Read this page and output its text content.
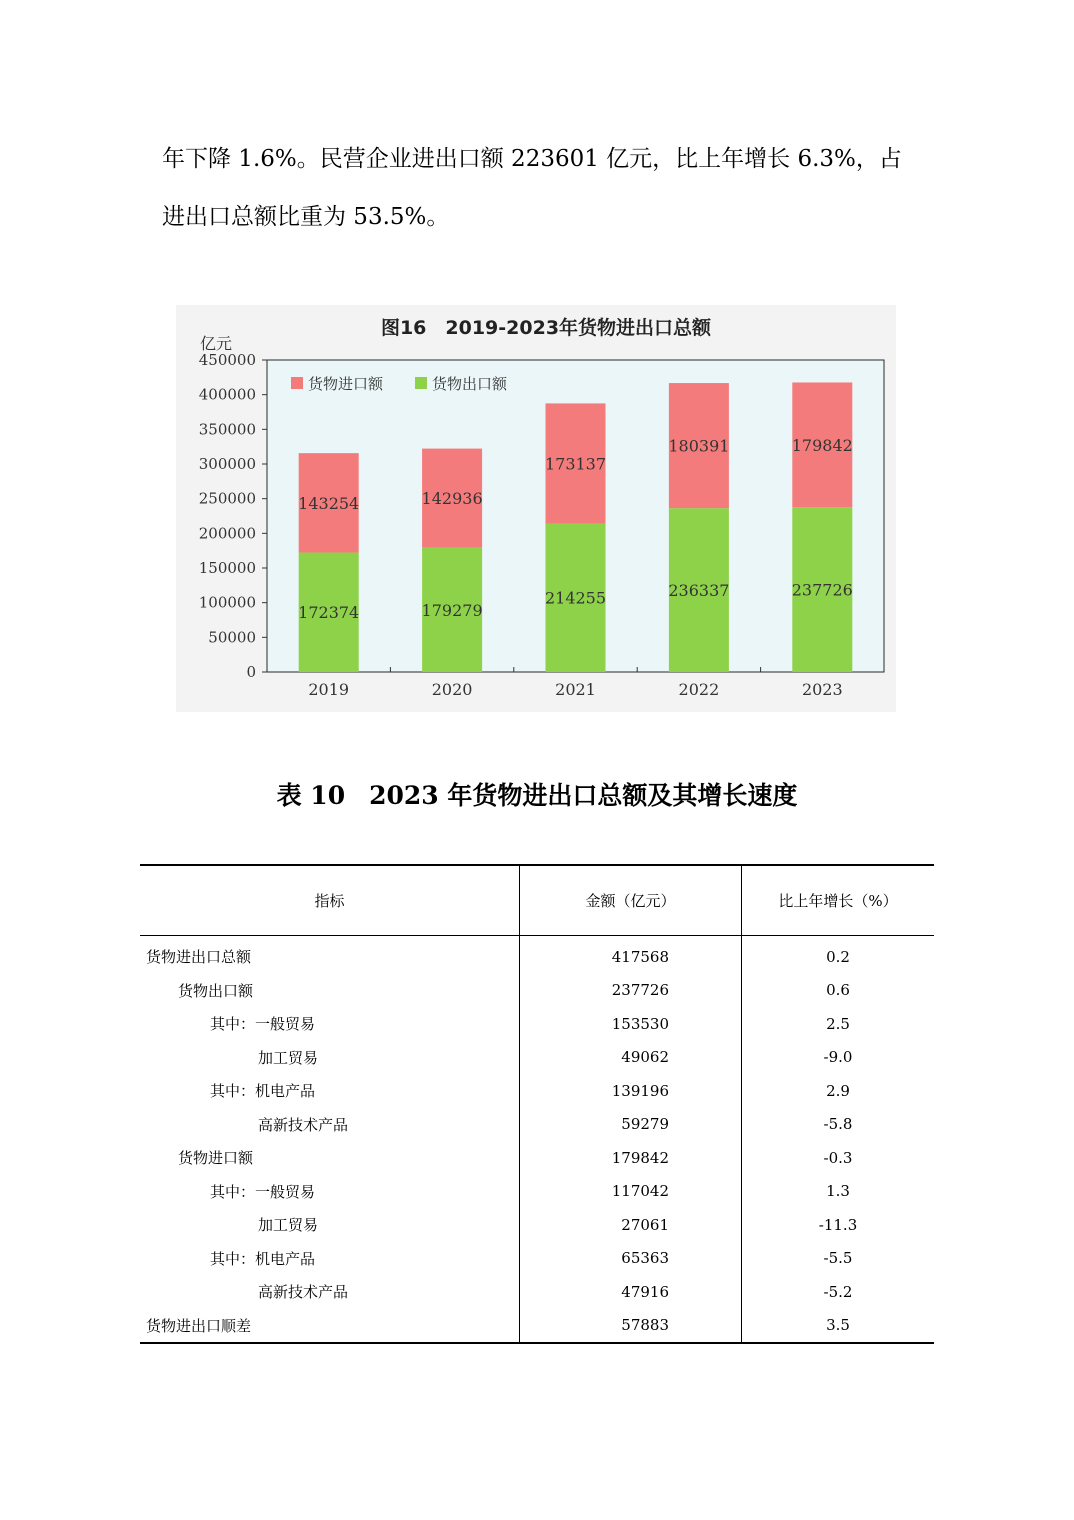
年下降 1.6%。民营企业进出口额 223601 亿元，比上年增长 6.3%，占
进出口总额比重为 53.5%。

图16　2019-2023年货物进出口总额
亿元
0
50000
100000
150000
200000
250000
300000
350000
400000
450000
172374
143254
179279
142936
214255
173137
236337
180391
237726
179842
2019	2020	2021	2022	2023
货物进口额	货物出口额
表 10 2023 年货物进出口总额及其增长速度
指标	金额（亿元）	比上年增长（%）
货物进出口总额	417568	0.2
货物出口额	237726	0.6
其中：一般贸易	153530	2.5
加工贸易	49062	-9.0
其中：机电产品	139196	2.9
高新技术产品	59279	-5.8
货物进口额	179842	-0.3
其中：一般贸易	117042	1.3
加工贸易	27061	-11.3
其中：机电产品	65363	-5.5
高新技术产品	47916	-5.2
货物进出口顺差	57883	3.5
